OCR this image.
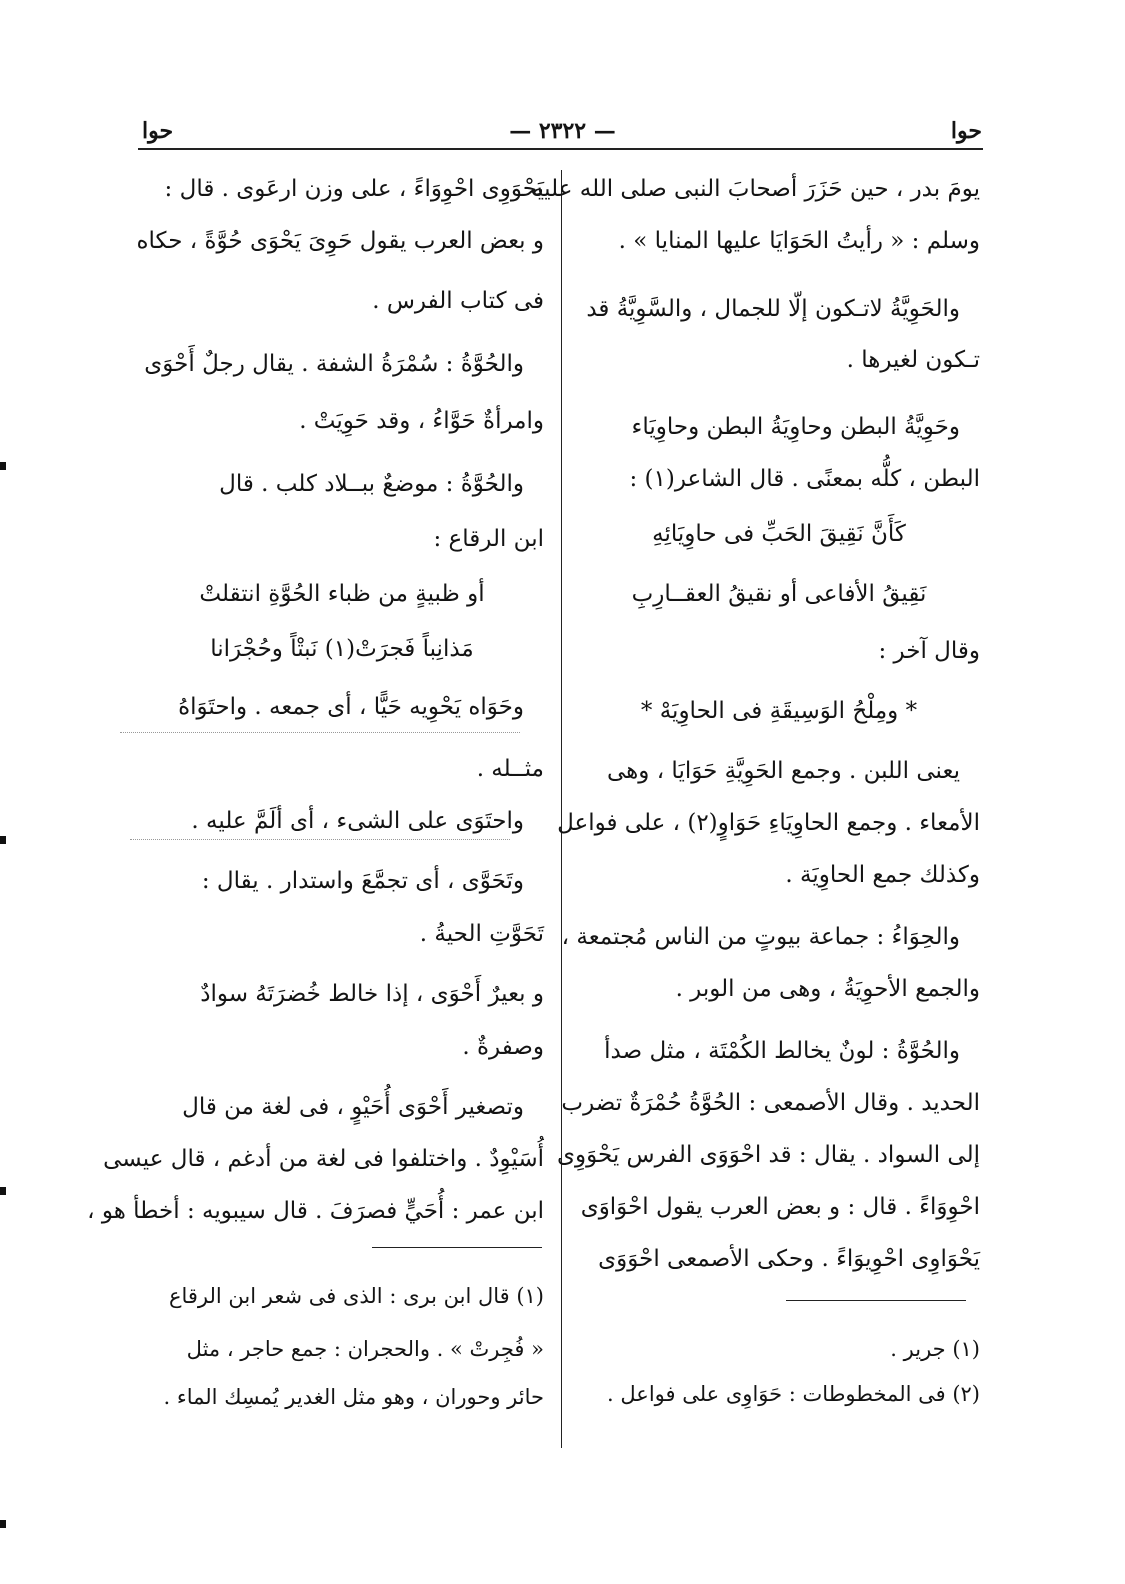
— ٢٣٢٢ —
حوا	حوا
يومَ بدر ، حين حَزَرَ أصحابَ النبى صلى الله عليه
وسلم : « رأيتُ الحَوَايَا عليها المنايا » .
والحَوِيَّةُ لاتـكون إلّا للجمال ، والسَّوِيَّةُ قد
تـكون لغيرها .
وحَوِيَّةُ البطن وحاوِيَةُ البطن وحاوِيَاء
البطن ، كلُّه بمعنًى . قال الشاعر(١) :
كَأَنَّ نَقِيقَ الحَبِّ فى حاوِيَائِهِ
نَقِيقُ الأفاعى أو نقيقُ العقــارِبِ
وقال آخر :
* ومِلْحُ الوَسِيقَةِ فى الحاوِيَهْ *
يعنى اللبن . وجمع الحَوِيَّةِ حَوَايَا ، وهى
الأمعاء . وجمع الحاوِيَاءِ حَوَاوٍ(٢) ، على فواعل
وكذلك جمع الحاوِيَة .
والحِوَاءُ : جماعة بيوتٍ من الناس مُجتمعة ،
والجمع الأحوِيَةُ ، وهى من الوبر .
والحُوَّةُ : لونٌ يخالط الكُمْتَة ، مثل صدأ
الحديد . وقال الأصمعى : الحُوَّةُ حُمْرَةٌ تضرب
إلى السواد . يقال : قد احْوَوَى الفرس يَحْوَوِى
احْوِوَاءً . قال : و بعض العرب يقول احْوَاوَى
يَحْوَاوِى احْوِيوَاءً . وحكى الأصمعى احْوَوَى
(١) جرير .
(٢) فى المخطوطات : حَوَاوِى على فواعل .
يَحْوَوِى احْوِوَاءً ، على وزن ارعَوى . قال :
و بعض العرب يقول حَوِىَ يَحْوَى حُوَّةً ، حكاه
فى كتاب الفرس .
والحُوَّةُ : سُمْرَةُ الشفة . يقال رجلٌ أَحْوَى
وامرأةٌ حَوَّاءُ ، وقد حَوِيَتْ .
والحُوَّةُ : موضعٌ ببــلاد كلب . قال
ابن الرقاع :
أو ظبيةٍ من ظباء الحُوَّةِ انتقلتْ
مَذانِباً فَجرَتْ(١) نَبتْاً وحُجْرَانا
وحَوَاه يَحْوِيه حَيًّا ، أى جمعه . واحتَوَاهُ
مثــله .
واحتَوَى على الشىء ، أى ألَمَّ عليه .
وتَحَوَّى ، أى تجمَّعَ واستدار . يقال :
تَحَوَّتِ الحيةُ .
و بعيرٌ أَحْوَى ، إذا خالط خُضرَتَهُ سوادٌ
وصفرةٌ .
وتصغير أَحْوَى أُحَيْوٍ ، فى لغة من قال
أُسَيْوِدٌ . واختلفوا فى لغة من أدغم ، قال عيسى
ابن عمر : أُحَيٍّ فصرَفَ . قال سيبويه : أخطأ هو ،
(١) قال ابن برى : الذى فى شعر ابن الرقاع
« فُجِرتْ » . والحجران : جمع حاجر ، مثل
حائر وحوران ، وهو مثل الغدير يُمسِك الماء .
